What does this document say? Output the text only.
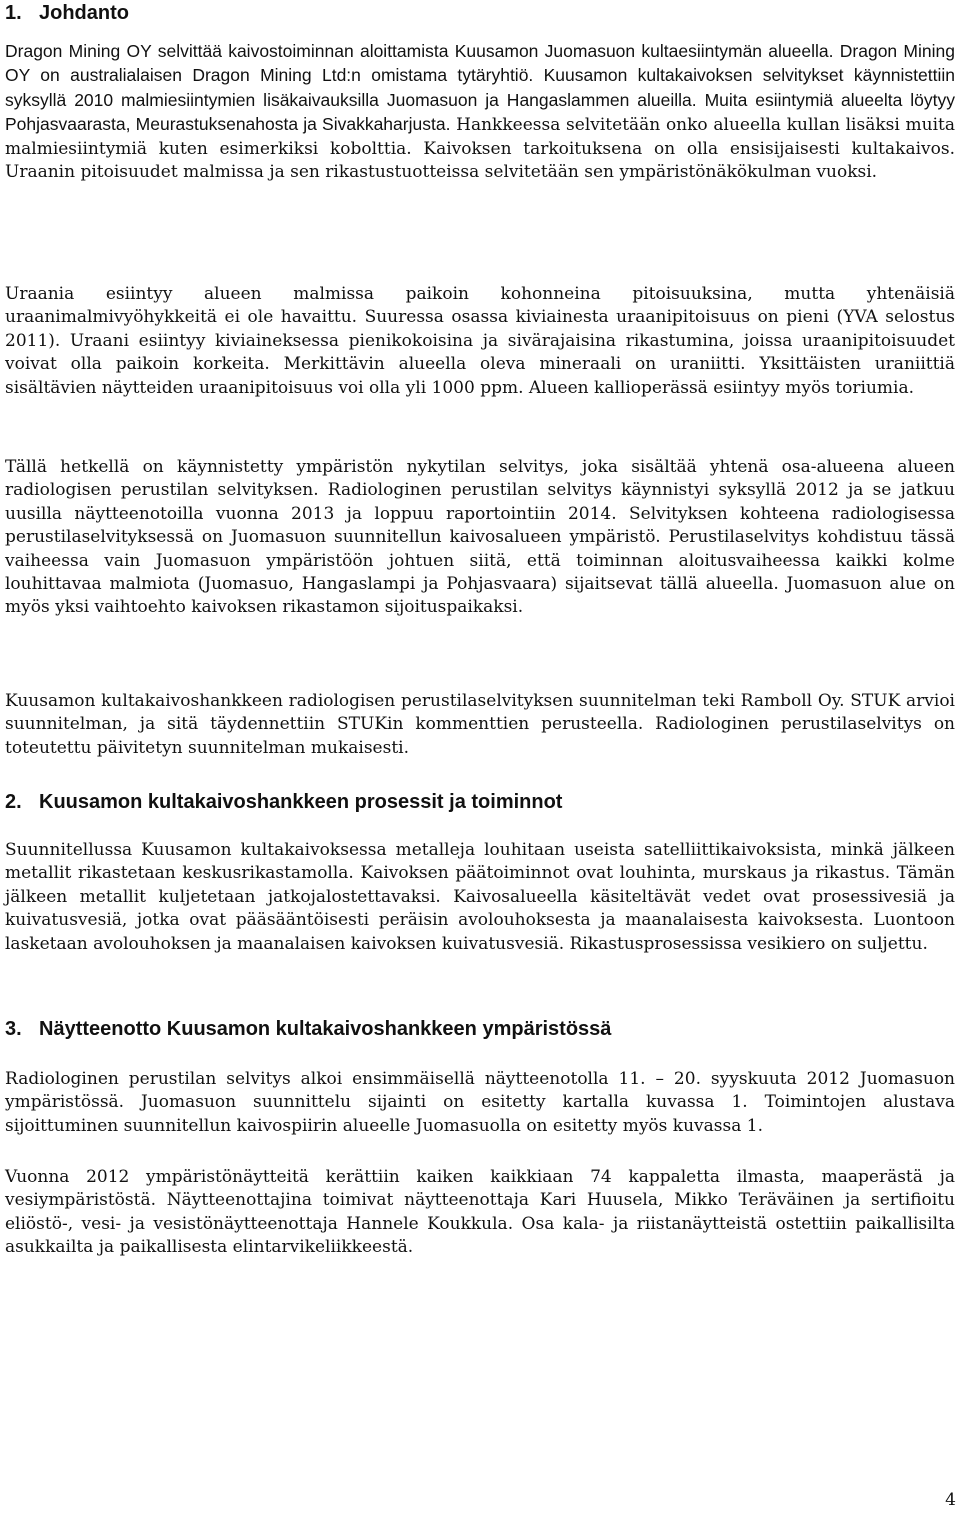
1. Johdanto

Dragon Mining OY selvittää kaivostoiminnan aloittamista Kuusamon Juomasuon kultaesiintymän alueella. Dragon Mining OY on australialaisen Dragon Mining Ltd:n omistama tytäryhtiö. Kuusamon kultakaivoksen selvitykset käynnistettiin syksyllä 2010 malmiesiintymien lisäkaivauksilla Juomasuon ja Hangaslammen alueilla. Muita esiintymiä alueelta löytyy Pohjasvaarasta, Meurastuksenahosta ja Sivakkaharjusta. Hankkeessa selvitetään onko alueella kullan lisäksi muita malmiesiintymiä kuten esimerkiksi kobolttia. Kaivoksen tarkoituksena on olla ensisijaisesti kultakaivos. Uraanin pitoisuudet malmissa ja sen rikastustuotteissa selvitetään sen ympäristönäkökulman vuoksi.

Uraania esiintyy alueen malmissa paikoin kohonneina pitoisuuksina, mutta yhtenäisiä uraanimalmivyöhykkeitä ei ole havaittu. Suuressa osassa kiviainesta uraanipitoisuus on pieni (YVA selostus 2011). Uraani esiintyy kiviaineksessa pienikokoisina ja sivärajaisina rikastumina, joissa uraanipitoisuudet voivat olla paikoin korkeita. Merkittävin alueella oleva mineraali on uraniitti. Yksittäisten uraniittiä sisältävien näytteiden uraanipitoisuus voi olla yli 1000 ppm. Alueen kallioperässä esiintyy myös toriumia.

Tällä hetkellä on käynnistetty ympäristön nykytilan selvitys, joka sisältää yhtenä osa-alueena alueen radiologisen perustilan selvityksen. Radiologinen perustilan selvitys käynnistyi syksyllä 2012 ja se jatkuu uusilla näytteenotoilla vuonna 2013 ja loppuu raportointiin 2014. Selvityksen kohteena radiologisessa perustilaselvityksessä on Juomasuon suunnitellun kaivosalueen ympäristö. Perustilaselvitys kohdistuu tässä vaiheessa vain Juomasuon ympäristöön johtuen siitä, että toiminnan aloitusvaiheessa kaikki kolme louhittavaa malmiota (Juomasuo, Hangaslampi ja Pohjasvaara) sijaitsevat tällä alueella. Juomasuon alue on myös yksi vaihtoehto kaivoksen rikastamon sijoituspaikaksi.

Kuusamon kultakaivoshankkeen radiologisen perustilaselvityksen suunnitelman teki Ramboll Oy. STUK arvioi suunnitelman, ja sitä täydennettiin STUKin kommenttien perusteella. Radiologinen perustilaselvitys on toteutettu päivitetyn suunnitelman mukaisesti.

2. Kuusamon kultakaivoshankkeen prosessit ja toiminnot

Suunnitellussa Kuusamon kultakaivoksessa metalleja louhitaan useista satelliittikaivoksista, minkä jälkeen metallit rikastetaan keskusrikastamolla. Kaivoksen päätoiminnot ovat louhinta, murskaus ja rikastus. Tämän jälkeen metallit kuljetetaan jatkojalostettavaksi. Kaivosalueella käsiteltävät vedet ovat prosessivesiä ja kuivatusvesiä, jotka ovat pääsääntöisesti peräisin avolouhoksesta ja maanalaisesta kaivoksesta. Luontoon lasketaan avolouhoksen ja maanalaisen kaivoksen kuivatusvesiä. Rikastusprosessissa vesikiero on suljettu.

3. Näytteenotto Kuusamon kultakaivoshankkeen ympäristössä

Radiologinen perustilan selvitys alkoi ensimmäisellä näytteenotolla 11. – 20. syyskuuta 2012 Juomasuon ympäristössä. Juomasuon suunnittelu sijainti on esitetty kartalla kuvassa 1. Toimintojen alustava sijoittuminen suunnitellun kaivospiirin alueelle Juomasuolla on esitetty myös kuvassa 1.

Vuonna 2012 ympäristönäytteitä kerättiin kaiken kaikkiaan 74 kappaletta ilmasta, maaperästä ja vesiympäristöstä. Näytteenottajina toimivat näytteenottaja Kari Huusela, Mikko Teräväinen ja sertifioitu eliöstö-, vesi- ja vesistönäytteenottaja Hannele Koukkula. Osa kala- ja riistanäytteistä ostettiin paikallisilta asukkailta ja paikallisesta elintarvikeliikkeestä.

4
